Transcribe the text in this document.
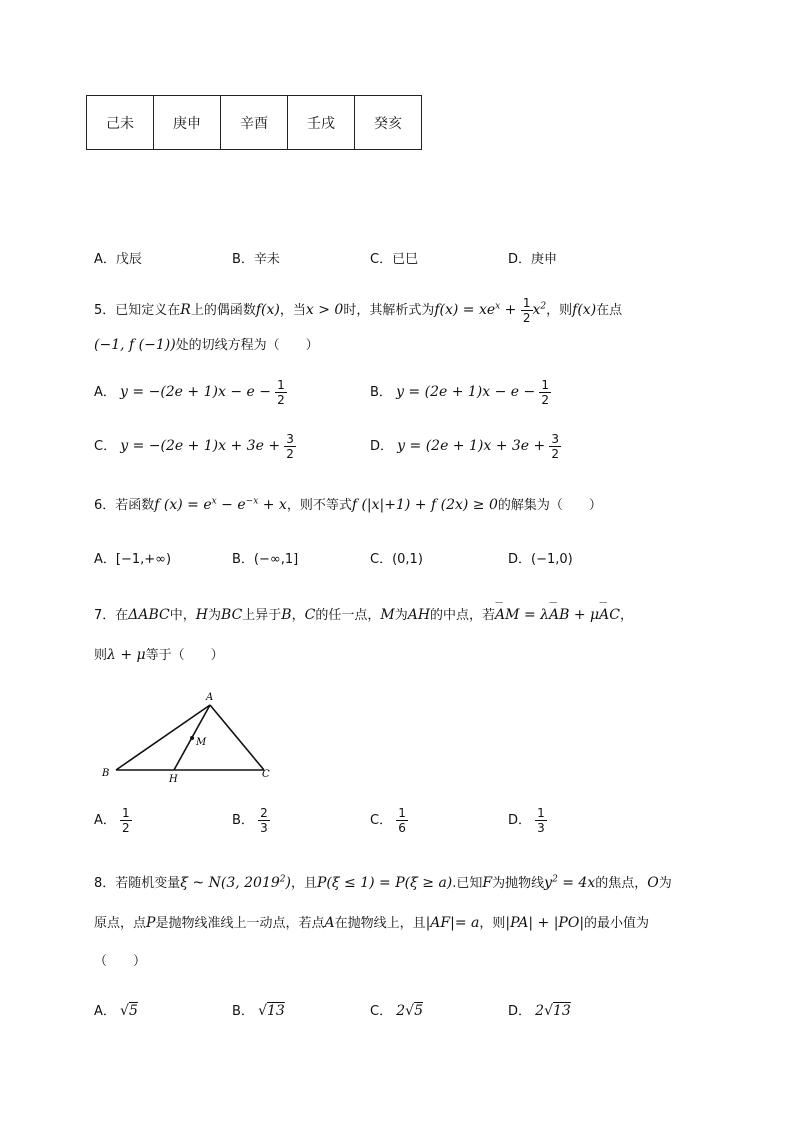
己未	庚申	辛酉	壬戌	癸亥
A．戊辰	B．辛未	C．已巳	D．庚申
5．已知定义在R上的偶函数f(x)，当x > 0时，其解析式为$f(x) = xe^x + \frac{1}{2} x^2$，则f(x)在点
(−1, f (−1))处的切线方程为（　　）
A． $y = -(2e + 1)x - e - \frac{1}{2}$	B． $y = (2e + 1)x - e - \frac{1}{2}$
C． $y = -(2e + 1)x + 3e + \frac{3}{2}$	D． $y = (2e + 1)x + 3e + \frac{3}{2}$
6．若函数f $(x) = e^x - e^{-x} + x$，则不等式f (|x|+1) + f (2x) ≥ 0的解集为（　　）
A．[−1,+∞)	B．(−∞,1]	C．(0,1)	D．(−1,0)
7．在ΔABC中，H为BC上异于B，C的任一点，M为AH的中点，若⌢⌢ AM = λ⌢⌢ AB + μ⌢⌢ AC，
则λ + μ等于（　　）
A
B	C
H
M
A． $\frac{1}{2}$	B． $\frac{2}{3}$	C． $\frac{1}{6}$	D． $\frac{1}{3}$
8．若随机变量ξ ~ N(3, 2019$^2$)，且P(ξ ≤ 1) = P(ξ ≥ a).已知F为抛物线$y^2 = 4x$的焦点，O为
原点，点P是抛物线准线上一动点，若点A在抛物线上，且|AF|= a，则|PA| + |PO|的最小值为
（　　）
A． √5	B． √13	C． 2√5	D． 2√13
